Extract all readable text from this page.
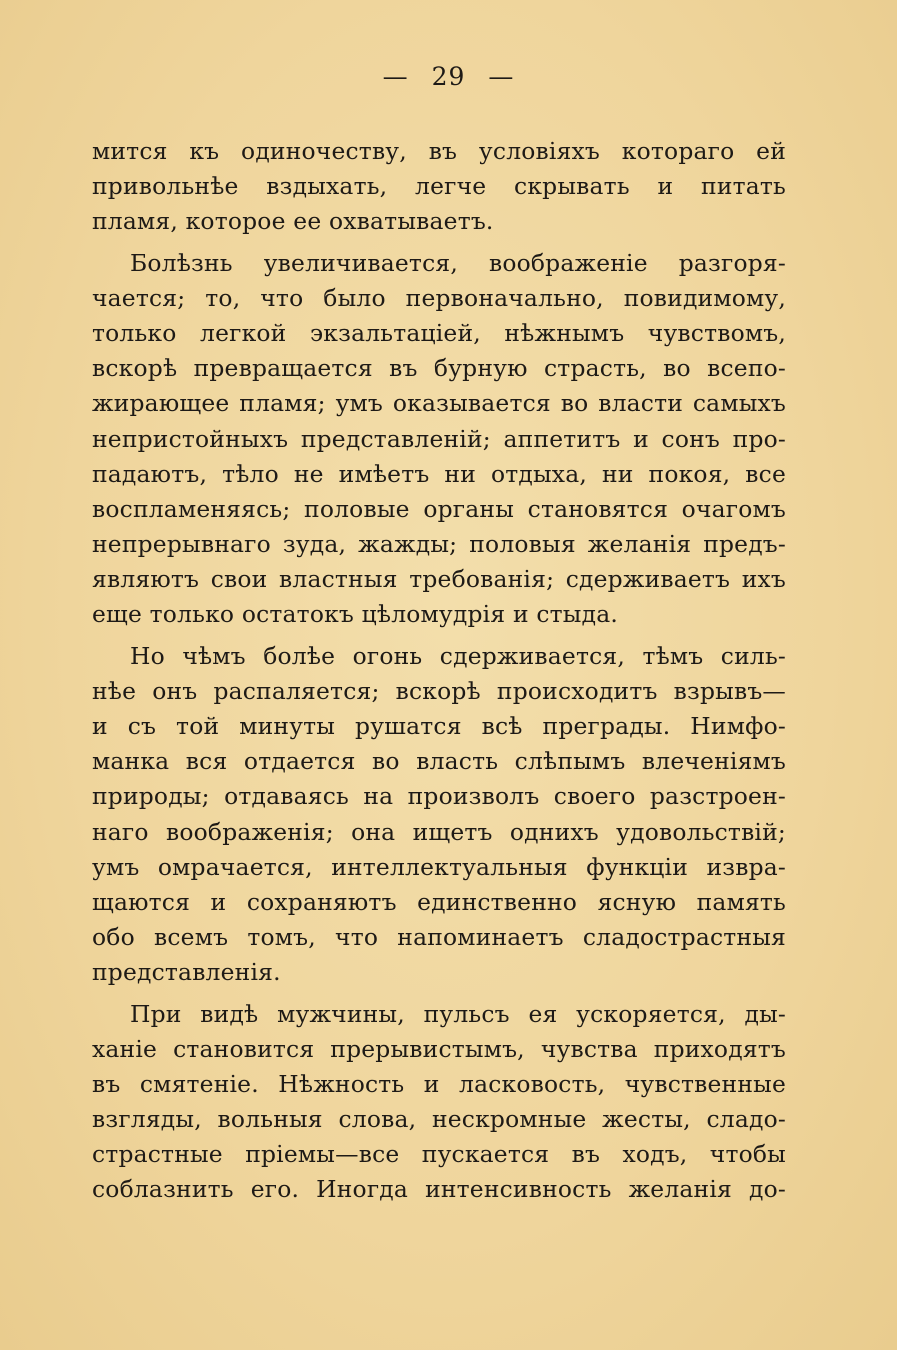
— 29 —
мится къ одиночеству, въ условіяхъ котораго ей
привольнѣе вздыхать, легче скрывать и питать
пламя, которое ее охватываетъ.
Болѣзнь увеличивается, воображеніе разгоря-
чается; то, что было первоначально, повидимому,
только легкой экзальтаціей, нѣжнымъ чувствомъ,
вскорѣ превращается въ бурную страсть, во всепо-
жирающее пламя; умъ оказывается во власти самыхъ
непристойныхъ представленій; аппетитъ и сонъ про-
падаютъ, тѣло не имѣетъ ни отдыха, ни покоя, все
воспламеняясь; половые органы становятся очагомъ
непрерывнаго зуда, жажды; половыя желанія предъ-
являютъ свои властныя требованія; сдерживаетъ ихъ
еще только остатокъ цѣломудрія и стыда.
Но чѣмъ болѣе огонь сдерживается, тѣмъ силь-
нѣе онъ распаляется; вскорѣ происходитъ взрывъ—
и съ той минуты рушатся всѣ преграды. Нимфо-
манка вся отдается во власть слѣпымъ влеченіямъ
природы; отдаваясь на произволъ своего разстроен-
наго воображенія; она ищетъ однихъ удовольствій;
умъ омрачается, интеллектуальныя функціи извра-
щаются и сохраняютъ единственно ясную память
обо всемъ томъ, что напоминаетъ сладострастныя
представленія.
При видѣ мужчины, пульсъ ея ускоряется, ды-
ханіе становится прерывистымъ, чувства приходятъ
въ смятеніе. Нѣжность и ласковость, чувственные
взгляды, вольныя слова, нескромные жесты, сладо-
страстные пріемы—все пускается въ ходъ, чтобы
соблазнить его. Иногда интенсивность желанія до-
